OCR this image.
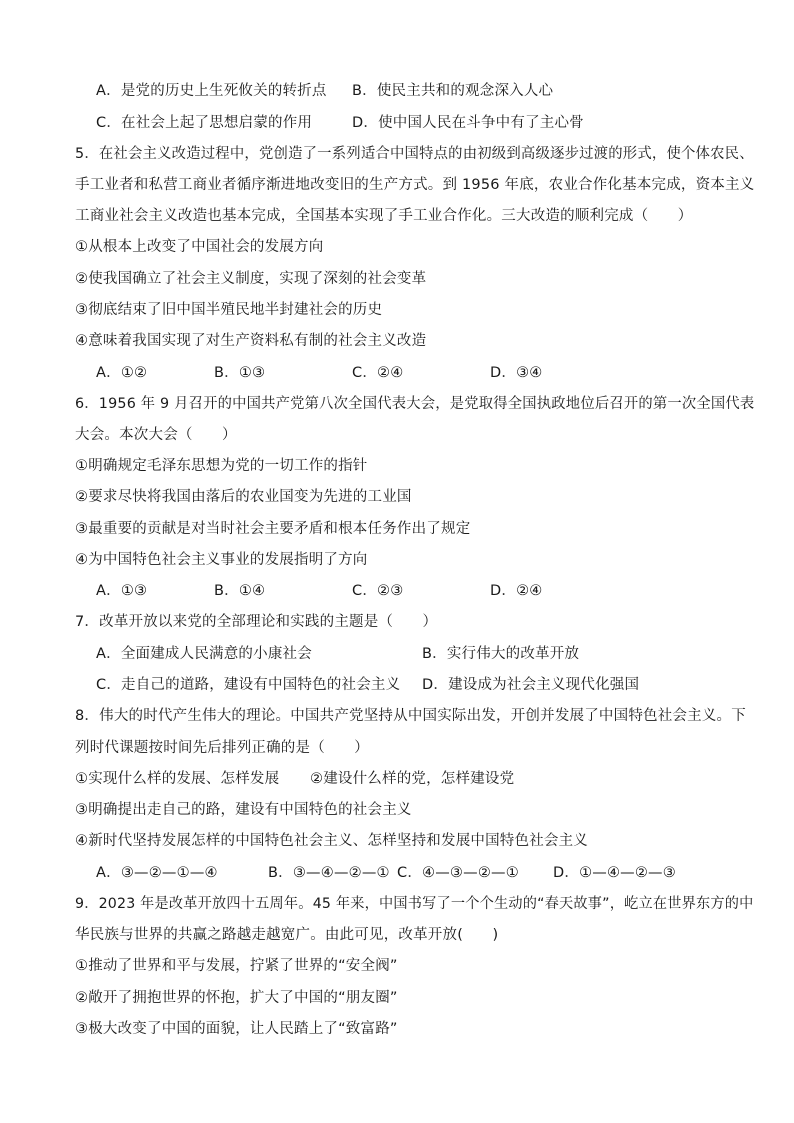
A．是党的历史上生死攸关的转折点 B．使民主共和的观念深入人心
C．在社会上起了思想启蒙的作用	D．使中国人民在斗争中有了主心骨
5．在社会主义改造过程中，党创造了一系列适合中国特点的由初级到高级逐步过渡的形式，使个体农民、
手工业者和私营工商业者循序渐进地改变旧的生产方式。到 1956 年底，农业合作化基本完成，资本主义
工商业社会主义改造也基本完成，全国基本实现了手工业合作化。三大改造的顺利完成（　　）
①从根本上改变了中国社会的发展方向
②使我国确立了社会主义制度，实现了深刻的社会变革
③彻底结束了旧中国半殖民地半封建社会的历史
④意味着我国实现了对生产资料私有制的社会主义改造
A．①②	B．①③	C．②④	D．③④
6．1956 年 9 月召开的中国共产党第八次全国代表大会，是党取得全国执政地位后召开的第一次全国代表
大会。本次大会（　　）
①明确规定毛泽东思想为党的一切工作的指针
②要求尽快将我国由落后的农业国变为先进的工业国
③最重要的贡献是对当时社会主要矛盾和根本任务作出了规定
④为中国特色社会主义事业的发展指明了方向
A．①③	B．①④	C．②③	D．②④
7．改革开放以来党的全部理论和实践的主题是（　　）
A．全面建成人民满意的小康社会	B．实行伟大的改革开放
C．走自己的道路，建设有中国特色的社会主义 D．建设成为社会主义现代化强国
8．伟大的时代产生伟大的理论。中国共产党坚持从中国实际出发，开创并发展了中国特色社会主义。下
列时代课题按时间先后排列正确的是（　　）
①实现什么样的发展、怎样发展 ②建设什么样的党，怎样建设党
③明确提出走自己的路，建设有中国特色的社会主义
④新时代坚持发展怎样的中国特色社会主义、怎样坚持和发展中国特色社会主义
A．③—②—①—④	B．③—④—②—① C．④—③—②—① D．①—④—②—③
9．2023 年是改革开放四十五周年。45 年来，中国书写了一个个生动的“春天故事”，屹立在世界东方的中
华民族与世界的共赢之路越走越宽广。由此可见，改革开放(　　)
①推动了世界和平与发展，拧紧了世界的“安全阀”
②敞开了拥抱世界的怀抱，扩大了中国的“朋友圈”
③极大改变了中国的面貌，让人民踏上了“致富路”
